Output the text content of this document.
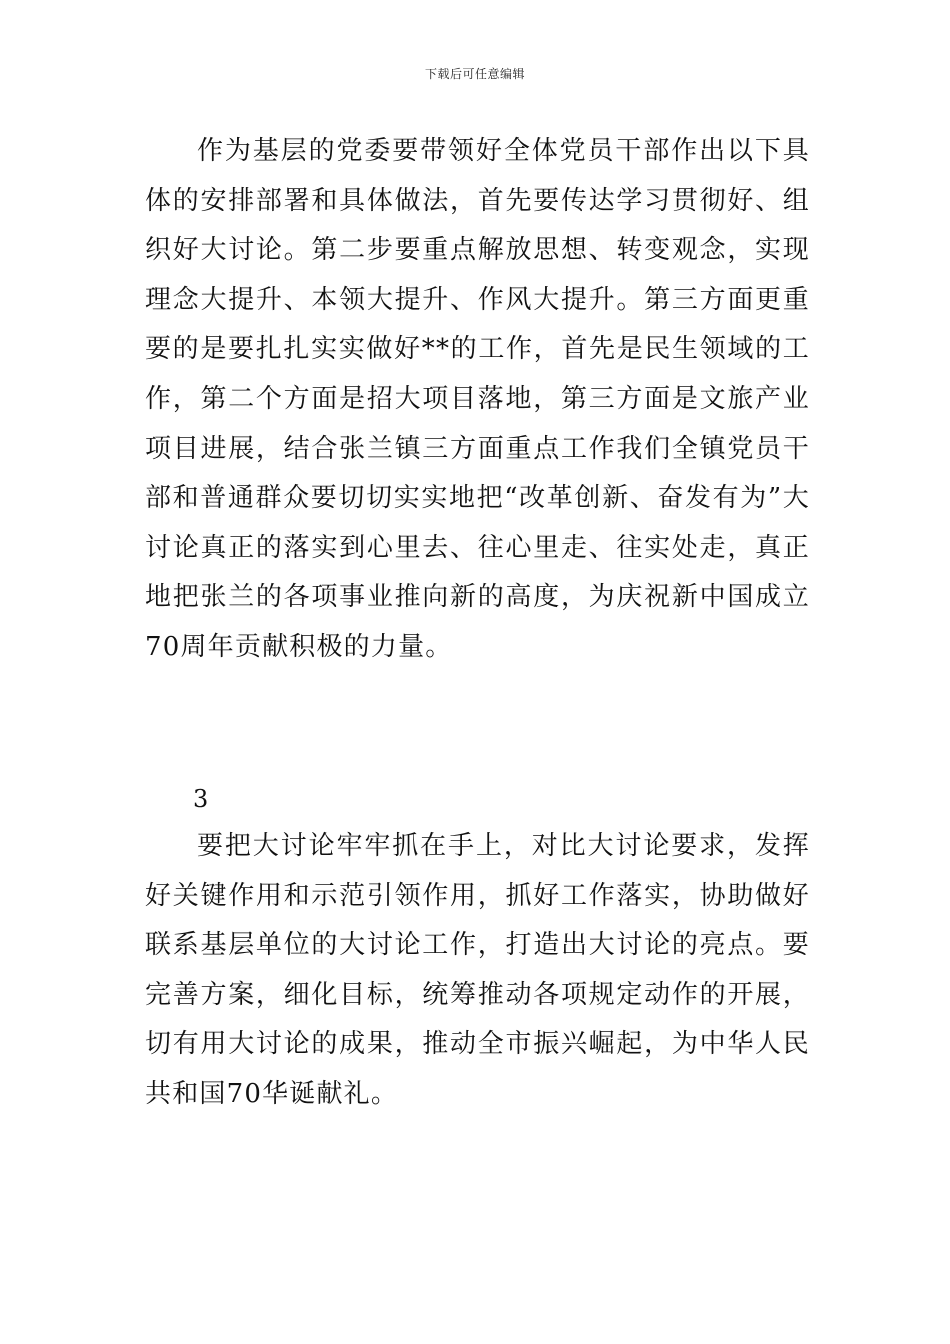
下载后可任意编辑

作为基层的党委要带领好全体党员干部作出以下具体的安排部署和具体做法，首先要传达学习贯彻好、组织好大讨论。第二步要重点解放思想、转变观念，实现理念大提升、本领大提升、作风大提升。第三方面更重要的是要扎扎实实做好**的工作，首先是民生领域的工作，第二个方面是招大项目落地，第三方面是文旅产业项目进展，结合张兰镇三方面重点工作我们全镇党员干部和普通群众要切切实实地把“改革创新、奋发有为”大讨论真正的落实到心里去、往心里走、往实处走，真正地把张兰的各项事业推向新的高度，为庆祝新中国成立70周年贡献积极的力量。

3

要把大讨论牢牢抓在手上，对比大讨论要求，发挥好关键作用和示范引领作用，抓好工作落实，协助做好联系基层单位的大讨论工作，打造出大讨论的亮点。要完善方案，细化目标，统筹推动各项规定动作的开展，切有用大讨论的成果，推动全市振兴崛起，为中华人民共和国70华诞献礼。
